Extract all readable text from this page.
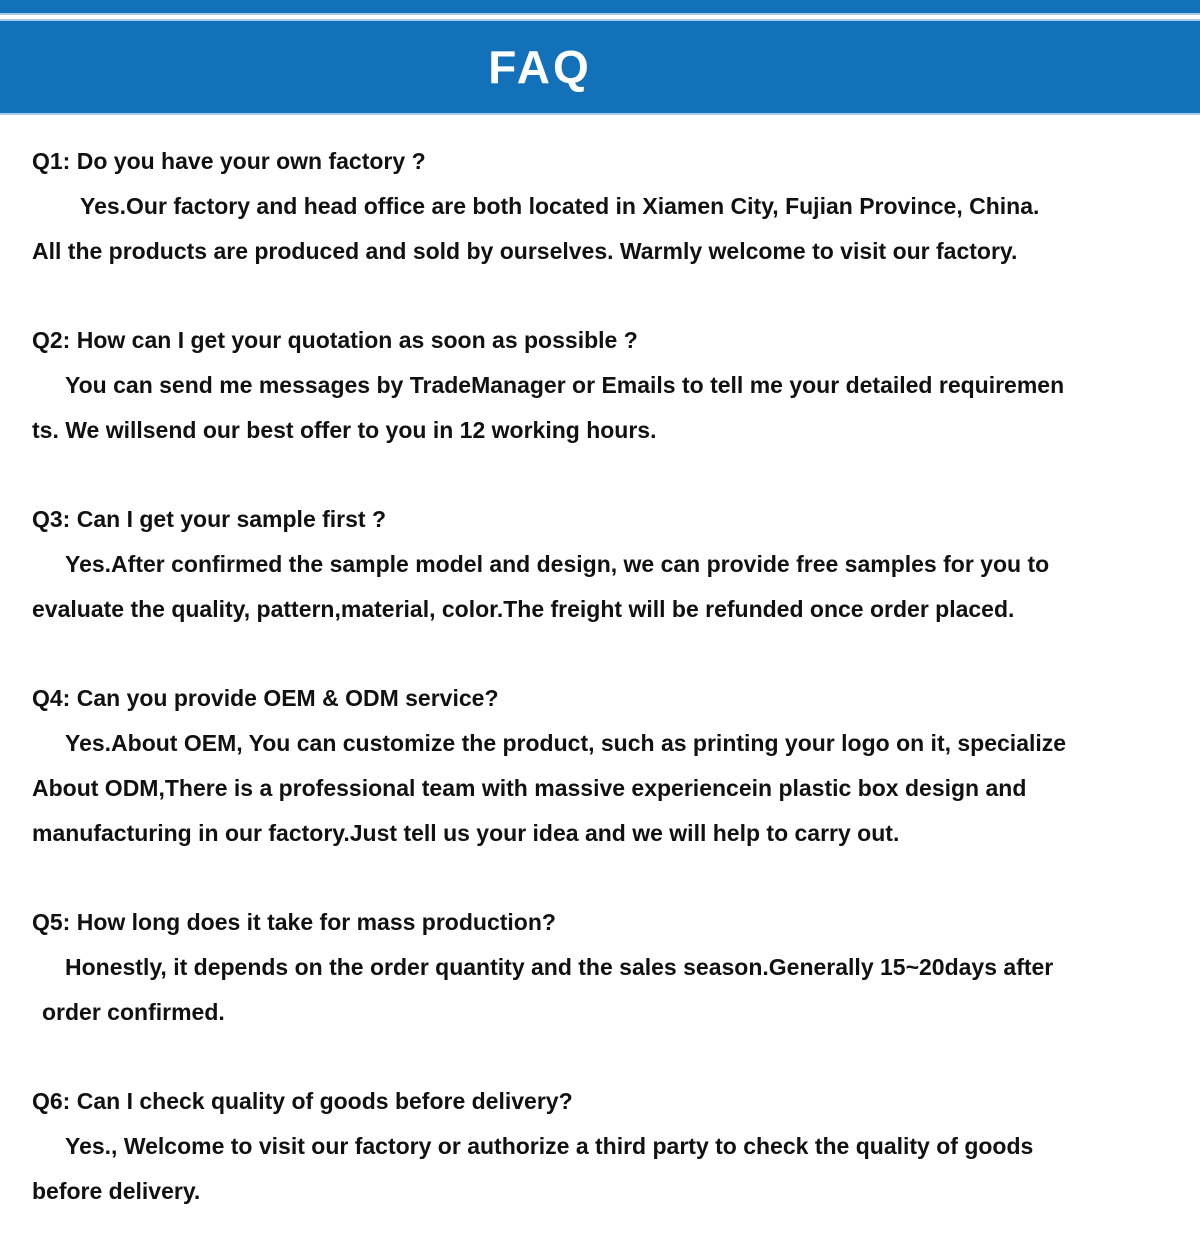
FAQ
Q1: Do you have your own factory ?
Yes.Our factory and head office are both located in Xiamen City, Fujian Province, China.
All the products are produced and sold by ourselves. Warmly welcome to visit our factory.
Q2: How can I get your quotation as soon as possible ?
You can send me messages by TradeManager or Emails to tell me your detailed requiremen
ts. We willsend our best offer to you in 12 working hours.
Q3: Can I get your sample first ?
Yes.After confirmed the sample model and design, we can provide free samples for you to
evaluate the quality, pattern,material, color.The freight will be refunded once order placed.
Q4: Can you provide OEM & ODM service?
Yes.About OEM, You can customize the product, such as printing your logo on it, specialize
About ODM,There is a professional team with massive experiencein plastic box design and
manufacturing in our factory.Just tell us your idea and we will help to carry out.
Q5: How long does it take for mass production?
Honestly, it depends on the order quantity and the sales season.Generally 15~20days after
order confirmed.
Q6: Can I check quality of goods before delivery?
Yes., Welcome to visit our factory or authorize a third party to check the quality of goods
before delivery.
